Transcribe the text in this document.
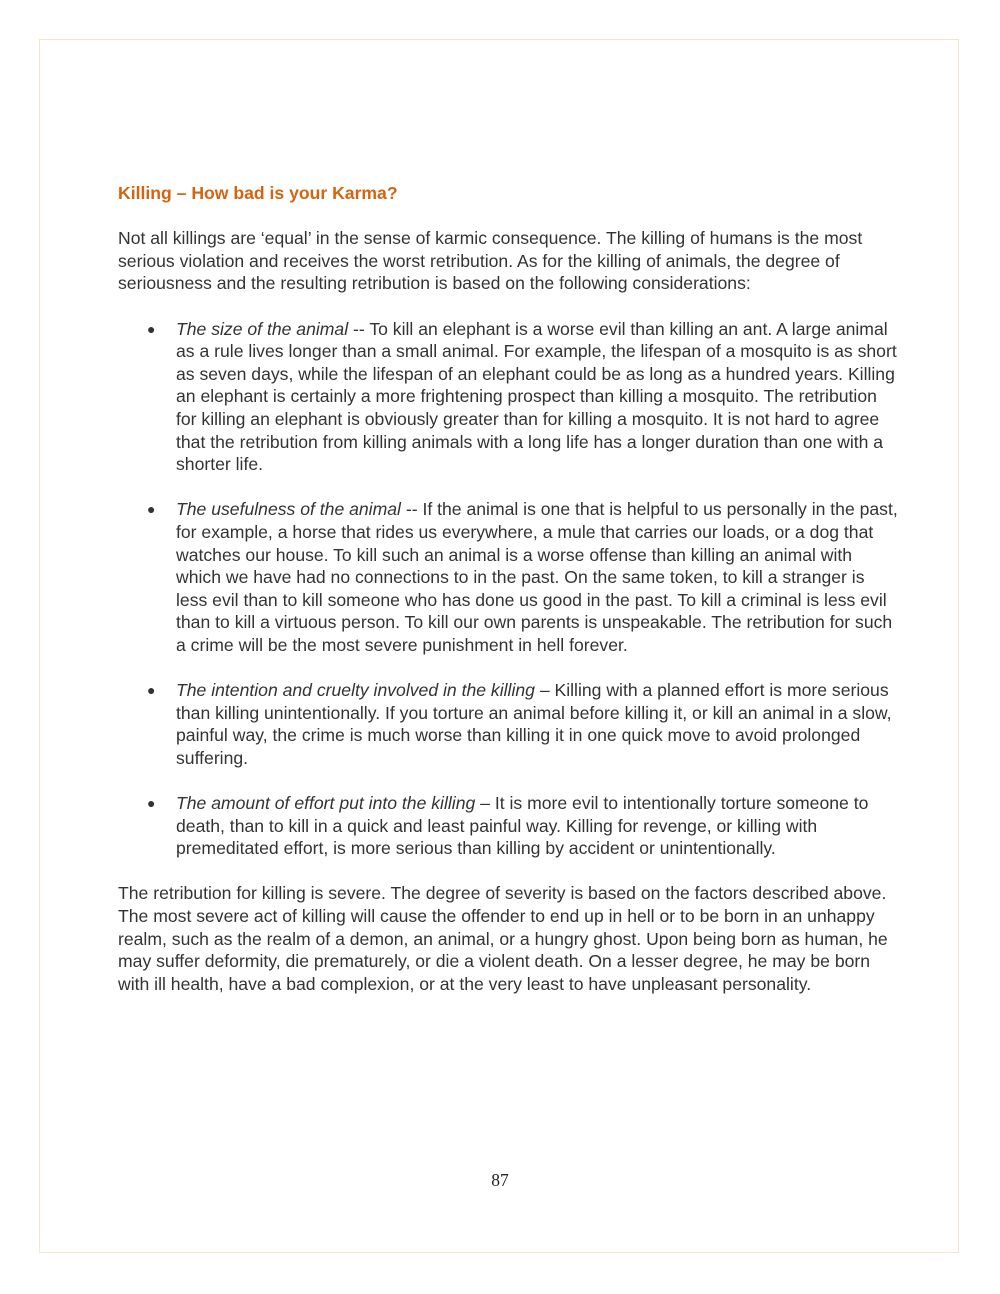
Killing – How bad is your Karma?

Not all killings are ‘equal’ in the sense of karmic consequence. The killing of humans is the most serious violation and receives the worst retribution. As for the killing of animals, the degree of seriousness and the resulting retribution is based on the following considerations:

● The size of the animal -- To kill an elephant is a worse evil than killing an ant. A large animal as a rule lives longer than a small animal. For example, the lifespan of a mosquito is as short as seven days, while the lifespan of an elephant could be as long as a hundred years. Killing an elephant is certainly a more frightening prospect than killing a mosquito. The retribution for killing an elephant is obviously greater than for killing a mosquito. It is not hard to agree that the retribution from killing animals with a long life has a longer duration than one with a shorter life.
● The usefulness of the animal -- If the animal is one that is helpful to us personally in the past, for example, a horse that rides us everywhere, a mule that carries our loads, or a dog that watches our house. To kill such an animal is a worse offense than killing an animal with which we have had no connections to in the past. On the same token, to kill a stranger is less evil than to kill someone who has done us good in the past. To kill a criminal is less evil than to kill a virtuous person. To kill our own parents is unspeakable. The retribution for such a crime will be the most severe punishment in hell forever.
● The intention and cruelty involved in the killing – Killing with a planned effort is more serious than killing unintentionally. If you torture an animal before killing it, or kill an animal in a slow, painful way, the crime is much worse than killing it in one quick move to avoid prolonged suffering.
● The amount of effort put into the killing – It is more evil to intentionally torture someone to death, than to kill in a quick and least painful way. Killing for revenge, or killing with premeditated effort, is more serious than killing by accident or unintentionally.

The retribution for killing is severe. The degree of severity is based on the factors described above. The most severe act of killing will cause the offender to end up in hell or to be born in an unhappy realm, such as the realm of a demon, an animal, or a hungry ghost. Upon being born as human, he may suffer deformity, die prematurely, or die a violent death. On a lesser degree, he may be born with ill health, have a bad complexion, or at the very least to have unpleasant personality.

87
